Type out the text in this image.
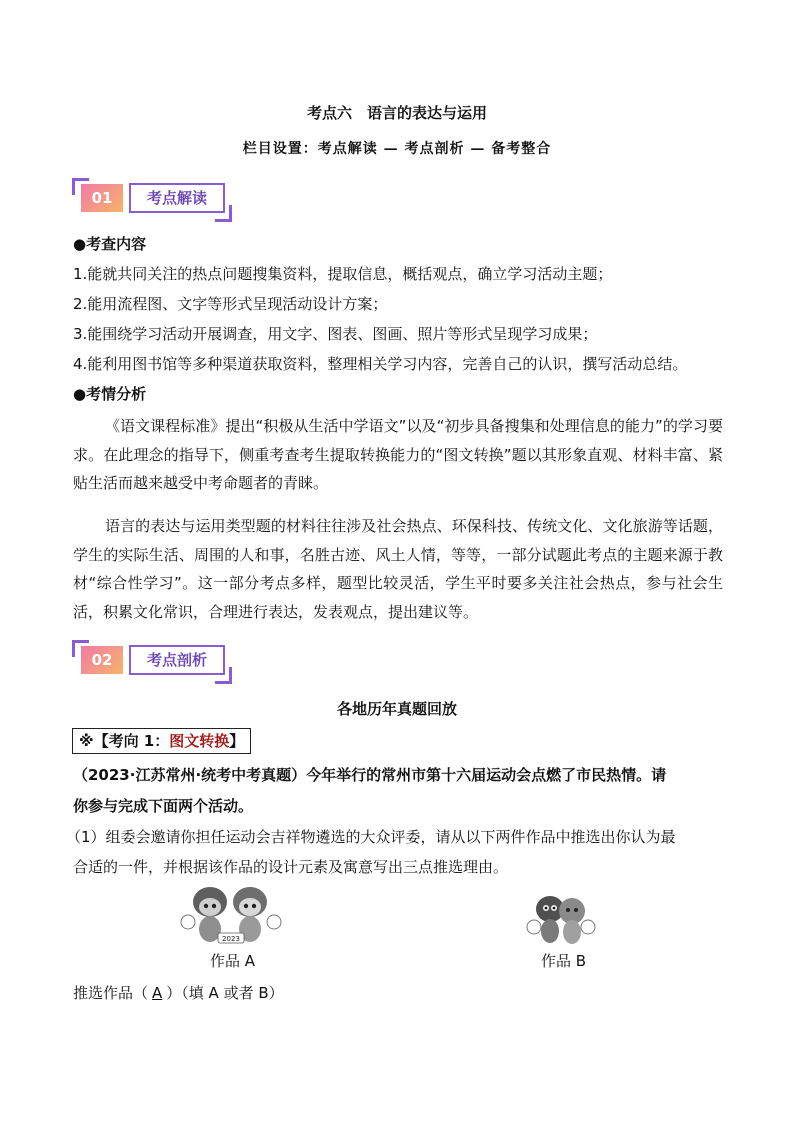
考点六　语言的表达与运用
栏目设置：考点解读 — 考点剖析 — 备考整合
01	考点解读
●考查内容
1.能就共同关注的热点问题搜集资料，提取信息，概括观点，确立学习活动主题；
2.能用流程图、文字等形式呈现活动设计方案；
3.能围绕学习活动开展调查，用文字、图表、图画、照片等形式呈现学习成果；
4.能利用图书馆等多种渠道获取资料，整理相关学习内容，完善自己的认识，撰写活动总结。
●考情分析
《语文课程标准》提出“积极从生活中学语文”以及“初步具备搜集和处理信息的能力”的学习要求。在此理念的指导下，侧重考查考生提取转换能力的“图文转换”题以其形象直观、材料丰富、紧贴生活而越来越受中考命题者的青睐。
语言的表达与运用类型题的材料往往涉及社会热点、环保科技、传统文化、文化旅游等话题，学生的实际生活、周围的人和事，名胜古迹、风土人情，等等，一部分试题此考点的主题来源于教材“综合性学习”。这一部分考点多样，题型比较灵活，学生平时要多关注社会热点，参与社会生活，积累文化常识，合理进行表达，发表观点，提出建议等。
02	考点剖析
各地历年真题回放
※【考向 1：图文转换】
（2023·江苏常州·统考中考真题）今年举行的常州市第十六届运动会点燃了市民热情。请
你参与完成下面两个活动。
（1）组委会邀请你担任运动会吉祥物遴选的大众评委，请从以下两件作品中推选出你认为最
合适的一件，并根据该作品的设计元素及寓意写出三点推选理由。
2023
作品 A	作品 B
推选作品（ A ）（填 A 或者 B）
